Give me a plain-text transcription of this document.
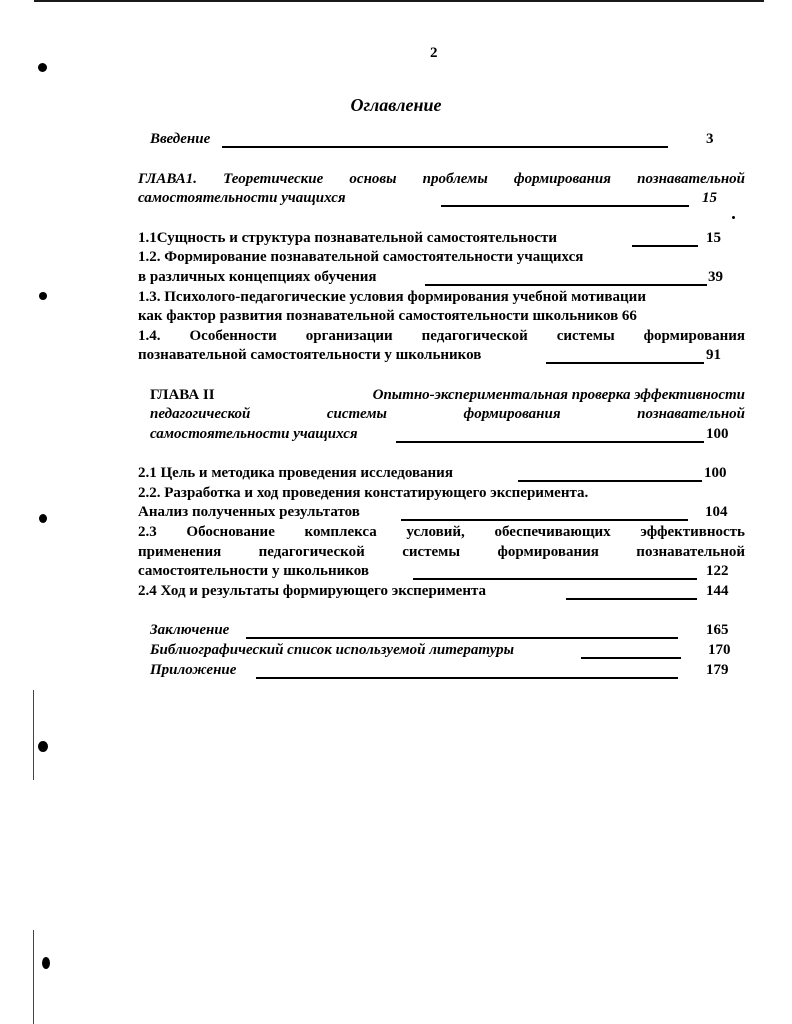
2
Оглавление
Введение	3
ГЛАВА1. Теоретические основы проблемы формирования познавательной
самостоятельности учащихся	15
1.1Сущность и структура познавательной самостоятельности	15
1.2. Формирование познавательной самостоятельности учащихся
в различных концепциях обучения	39
1.3. Психолого-педагогические условия формирования учебной мотивации
как фактор развития познавательной самостоятельности школьников 66
1.4. Особенности организации педагогической системы формирования
познавательной самостоятельности у школьников	91
ГЛАВА II	Опытно-экспериментальная проверка эффективности
педагогической системы формирования познавательной
самостоятельности учащихся	100
2.1 Цель и методика проведения исследования	100
2.2. Разработка и ход проведения констатирующего эксперимента.
Анализ полученных результатов	104
2.3 Обоснование комплекса условий, обеспечивающих эффективность
применения педагогической системы формирования познавательной
самостоятельности у школьников	122
2.4 Ход и результаты формирующего эксперимента	144
Заключение	165
Библиографический список используемой литературы	170
Приложение	179
